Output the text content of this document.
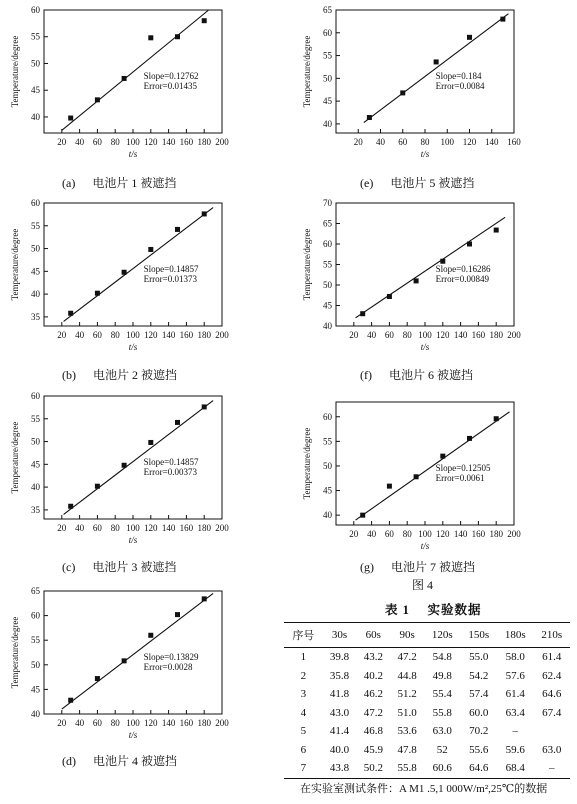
20 40 60 80 100 120 140 160 180 200
40
45
50
55
60
t/s
Temperature/degree	Slope=0.12762
Error=0.01435
20 40 60 80 100 120 140 160
40
45
50
55
60
65
t/s
Temperature/degree	Slope=0.184
Error=0.0084
20 40 60 80 100 120 140 160 180 200
35
40
45
50
55
60
t/s
Temperature/degree	Slope=0.14857
Error=0.01373
20 40 60 80 100 120 140 160 180 200
40
45
50
55
60
65
70
t/s
Temperature/degree	Slope=0.16286
Error=0.00849
20 40 60 80 100 120 140 160 180 200
35
40
45
50
55
60
t/s
Temperature/degree	Slope=0.14857
Error=0.00373
20 40 60 80 100 120 140 160 180 200
40
45
50
55
60
t/s
Temperature/degree	Slope=0.12505
Error=0.0061
20 40 60 80 100 120 140 160 180 200
40
45
50
55
60
65
t/s
Temperature/degree	Slope=0.13829
Error=0.0028
(a) 电池片 1 被遮挡	(e) 电池片 5 被遮挡
(b) 电池片 2 被遮挡	(f) 电池片 6 被遮挡
(c) 电池片 3 被遮挡	(g) 电池片 7 被遮挡
图 4
(d) 电池片 4 被遮挡
表 1　 实验数据
序号	30s	60s	90s	120s	150s	180s	210s
1	39.8	43.2	47.2	54.8	55.0	58.0	61.4
2	35.8	40.2	44.8	49.8	54.2	57.6	62.4
3	41.8	46.2	51.2	55.4	57.4	61.4	64.6
4	43.0	47.2	51.0	55.8	60.0	63.4	67.4
5	41.4	46.8	53.6	63.0	70.2	–	
6	40.0	45.9	47.8	52	55.6	59.6	63.0
7	43.8	50.2	55.8	60.6	64.6	68.4	–
在实验室测试条件：A M1 .5,1 000W/m²,25℃的数据
